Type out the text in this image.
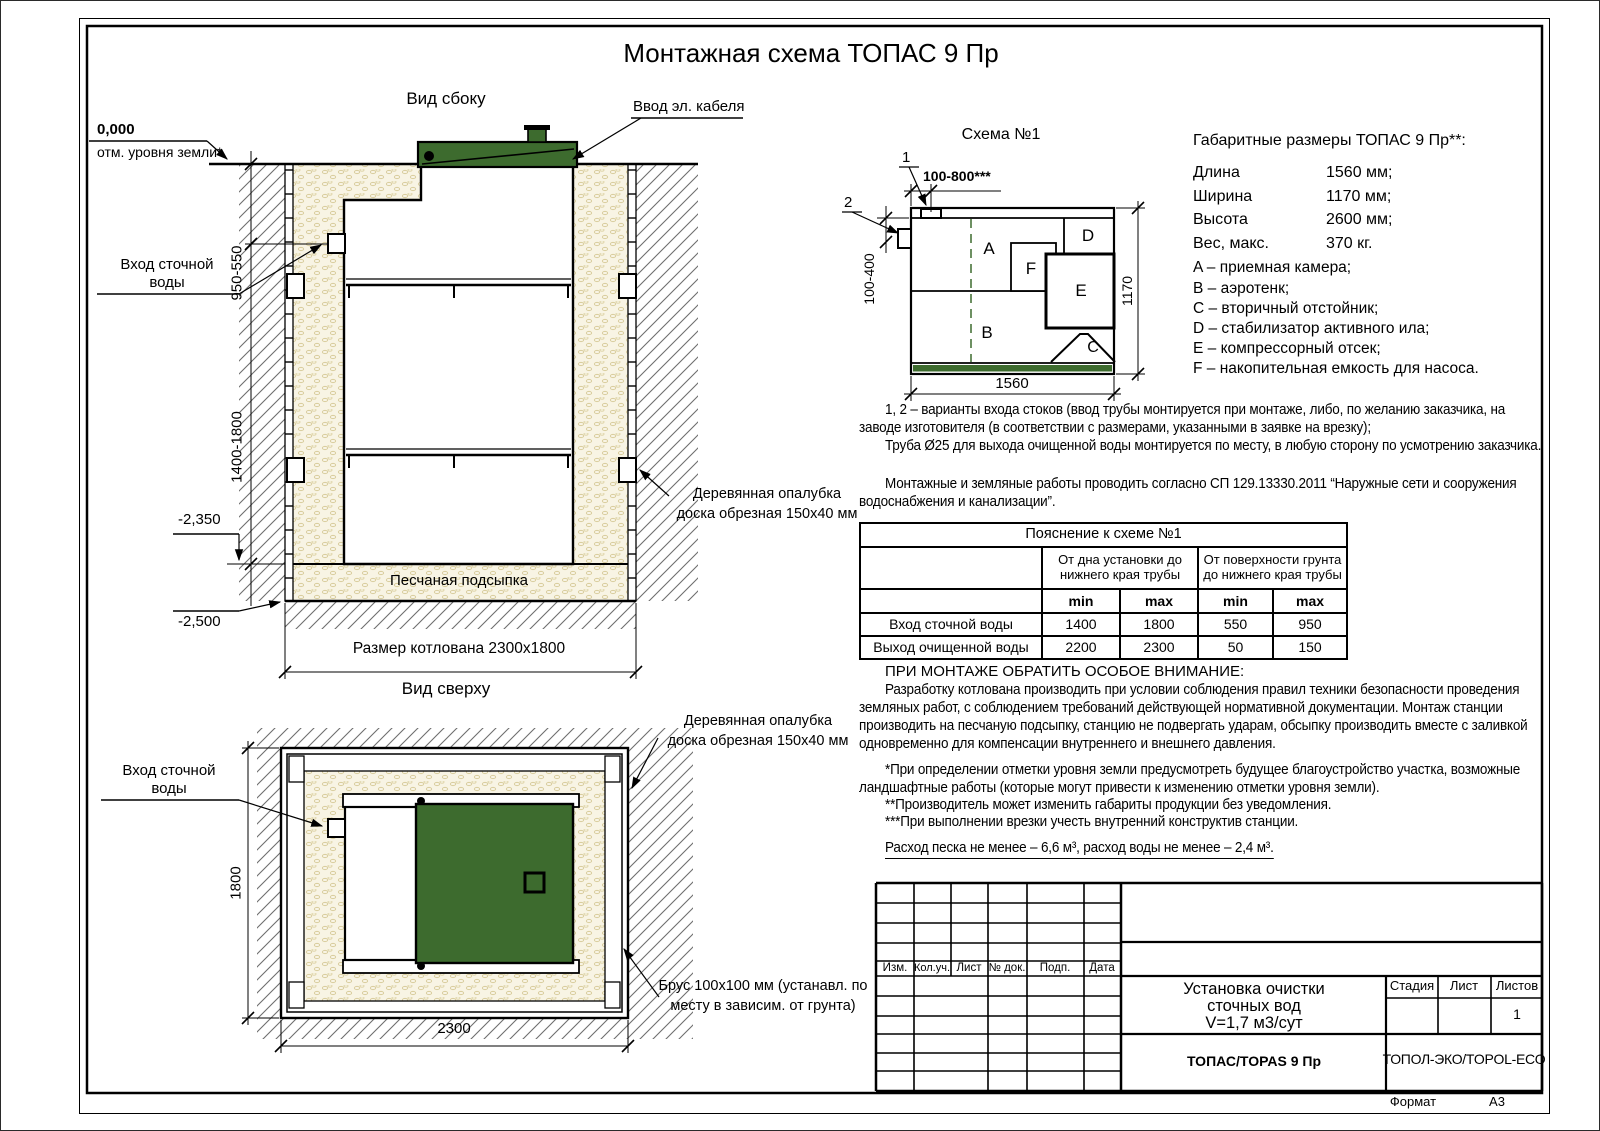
Монтажная схема ТОПАС 9 Пр
Вид сбоку
0,000
отм. уровня земли*
Ввод эл. кабеля
Вход сточной
воды	950-550
1400-1800
-2,350
-2,500
Песчаная подсыпка
Размер котлована 2300х1800
Деревянная опалубка
доска обрезная 150х40 мм
Вид сверху
Вход сточной
воды
1800
2300
Деревянная опалубка
доска обрезная 150х40 мм
Брус 100х100 мм (устанавл. по
месту в зависим. от грунта)
Схема №1
1
2
100-800***
100-400
1560
1170
A
B
C
D
E
F
Габаритные размеры ТОПАС 9 Пр**:
Длина	1560 мм;
Ширина	1170 мм;
Высота	2600 мм;
Вес, макс.	370 кг.
A – приемная камера;
B – аэротенк;
C – вторичный отстойник;
D – стабилизатор активного ила;
E – компрессорный отсек;
F – накопительная емкость для насоса.
1, 2 – варианты входа стоков (ввод трубы монтируется при монтаже, либо, по желанию заказчика, на
заводе изготовителя (в соответствии с размерами, указанными в заявке на врезку);
Труба Ø25 для выхода очищенной воды монтируется по месту, в любую сторону по усмотрению заказчика.
Монтажные и земляные работы проводить согласно СП 129.13330.2011 “Наружные сети и сооружения
водоснабжения и канализации”.
Пояснение к схеме №1				

От дна установки до
нижнего края трубы

От поверхности грунта
до нижнего края трубы

	min	max	min	max
Вход сточной воды	1400	1800	550	950
Выход очищенной воды	2200	2300	50	150
ПРИ МОНТАЖЕ ОБРАТИТЬ ОСОБОЕ ВНИМАНИЕ:
Разработку котлована производить при условии соблюдения правил техники безопасности проведения
земляных работ, с соблюдением требований действующей нормативной документации. Монтаж станции
производить на песчаную подсыпку, станцию не подвергать ударам, обсыпку производить вместе с заливкой
одновременно для компенсации внутреннего и внешнего давления.
*При определении отметки уровня земли предусмотреть будущее благоустройство участка, возможные
ландшафтные работы (которые могут привести к изменению отметки уровня земли).
**Производитель может изменить габариты продукции без уведомления.
***При выполнении врезки учесть внутренний конструктив станции.
Расход песка не менее – 6,6 м³, расход воды не менее – 2,4 м³.
Изм. Кол.уч. Лист № док. Подп. Дата
Установка очистки
сточных вод
V=1,7 м3/сут
Стадия Лист Листов
1
ТОПАС/TOPAS 9 Пр	ТОПОЛ-ЭКО/TOPOL-ECO
Формат	А3
